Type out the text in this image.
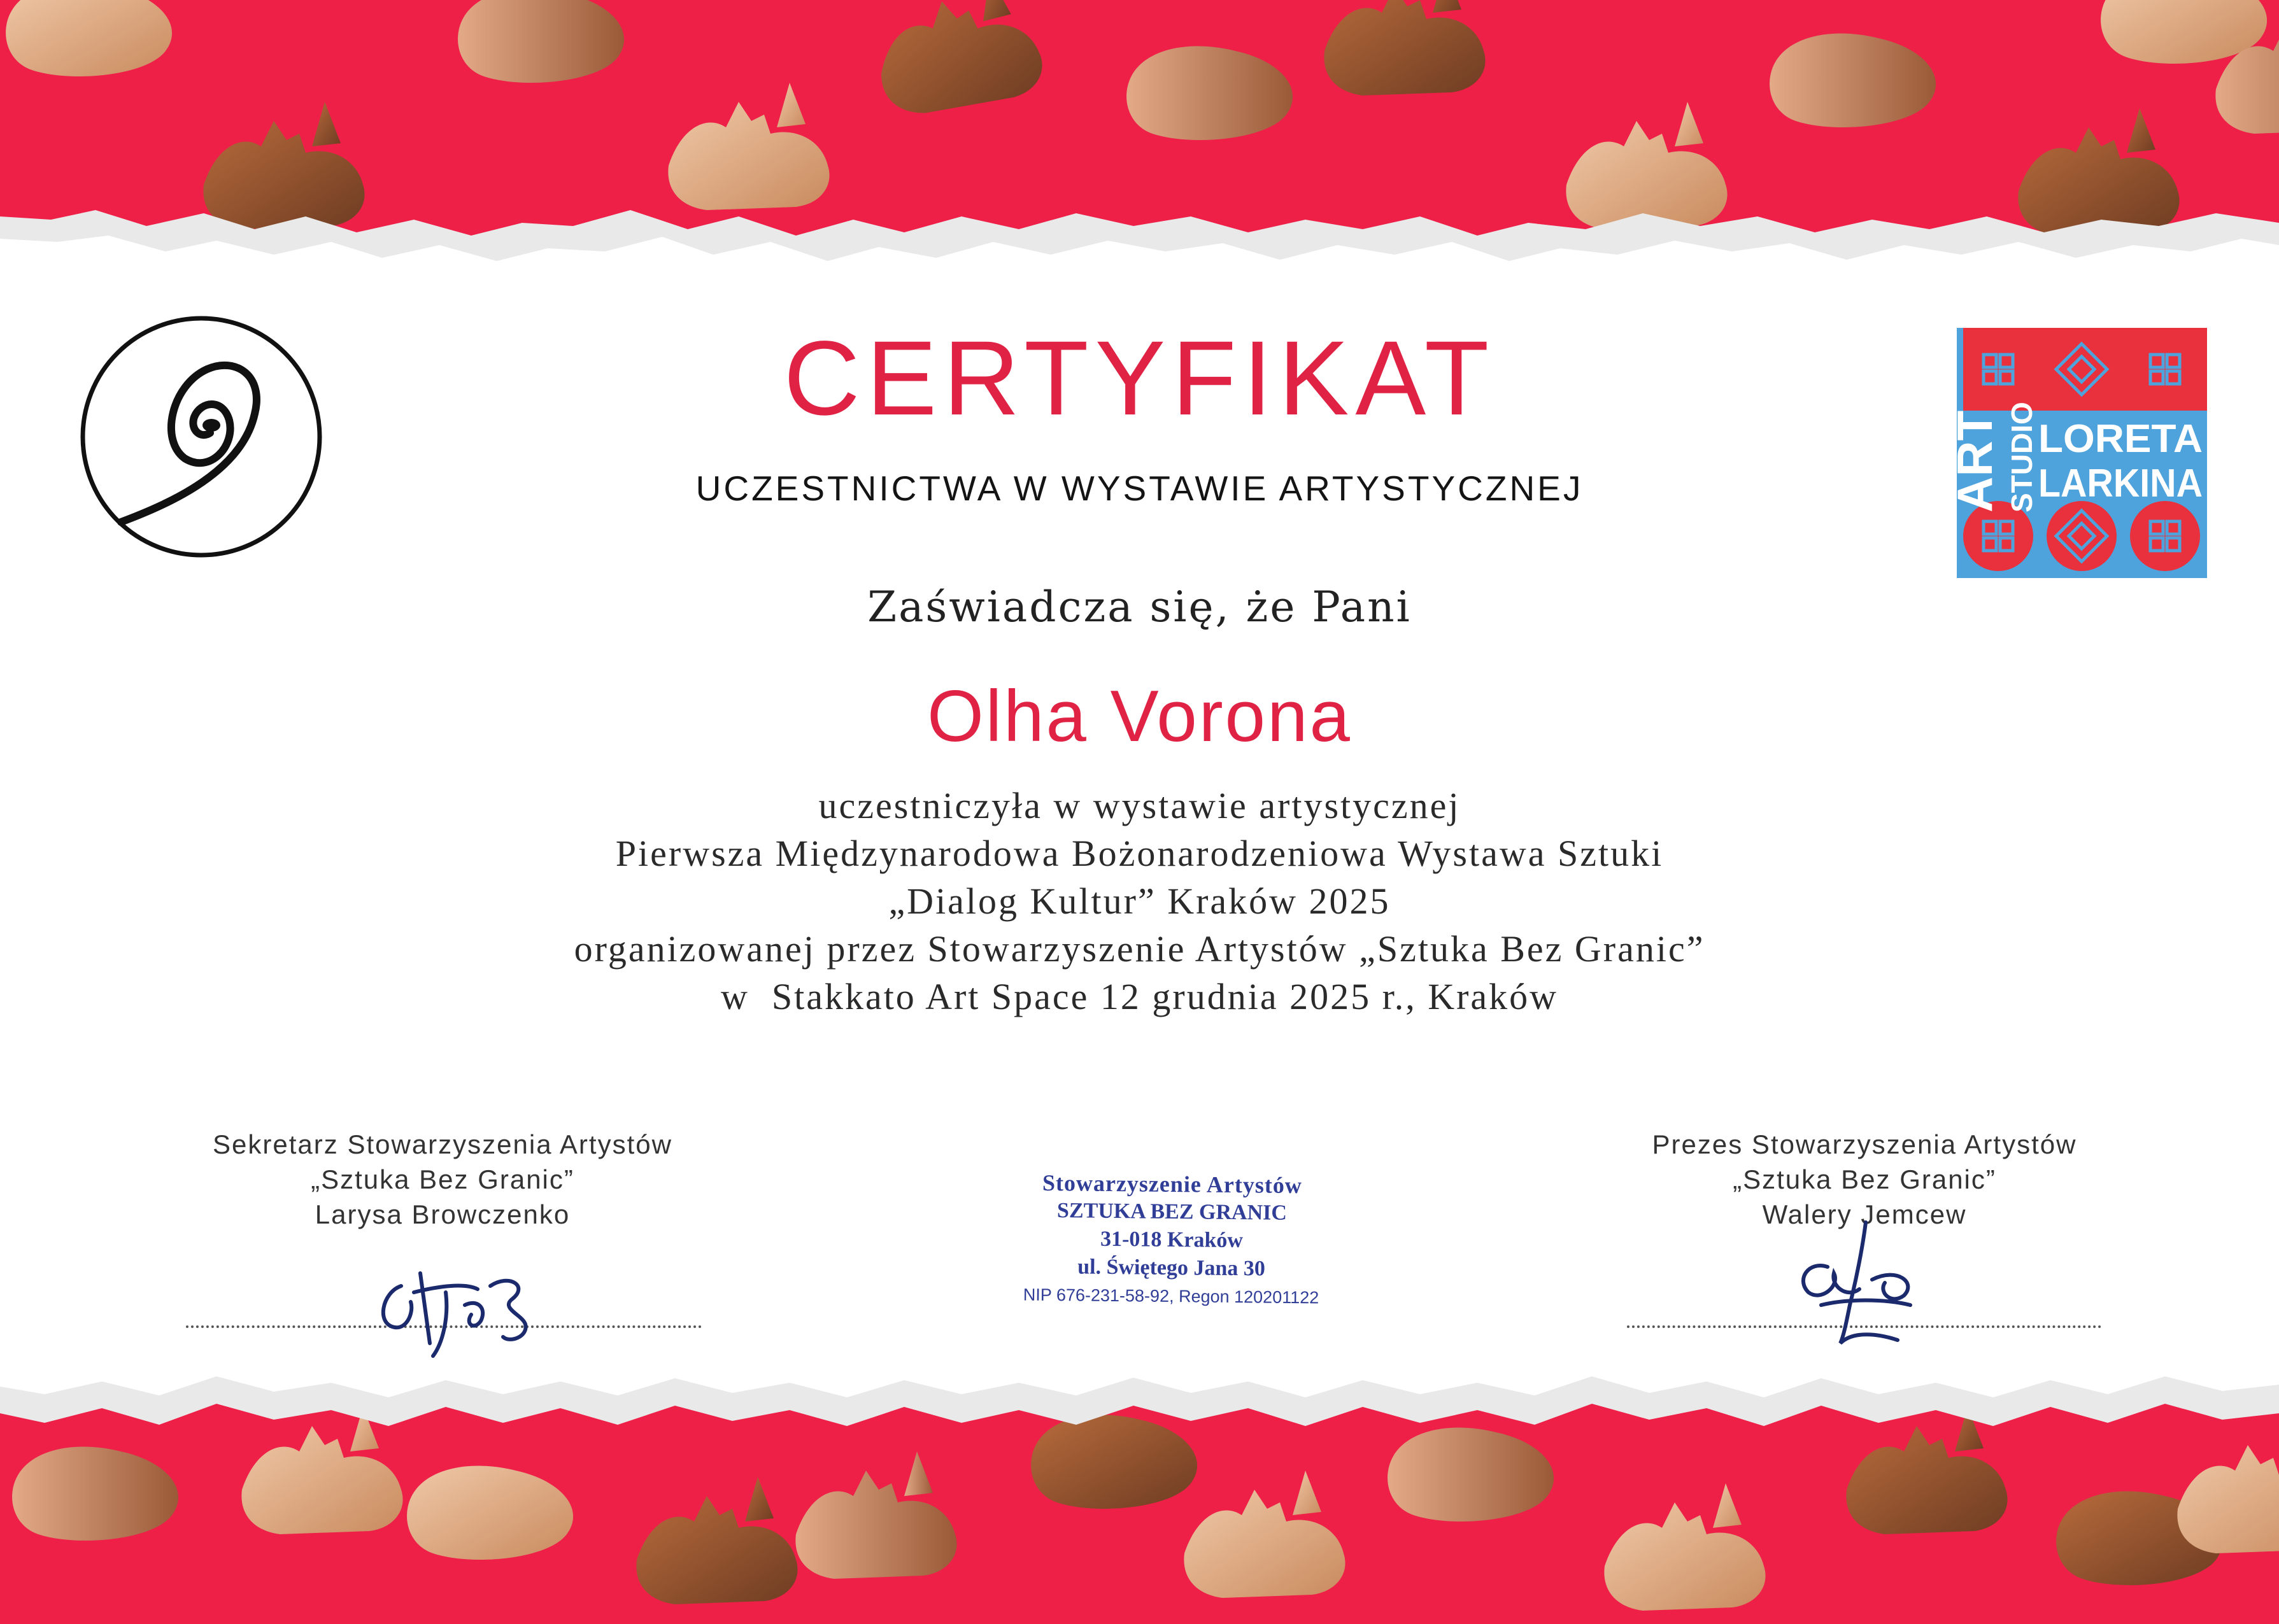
ART STUDIO LORETA
LARKINA
CERTYFIKAT
UCZESTNICTWA W WYSTAWIE ARTYSTYCZNEJ
Zaświadcza się, że Pani
Olha Vorona
uczestniczyła w wystawie artystycznej
Pierwsza Międzynarodowa Bożonarodzeniowa Wystawa Sztuki
„Dialog Kultur” Kraków 2025
organizowanej przez Stowarzyszenie Artystów „Sztuka Bez Granic”
w  Stakkato Art Space 12 grudnia 2025 r., Kraków
Sekretarz Stowarzyszenia Artystów
„Sztuka Bez Granic”
Larysa Browczenko
Stowarzyszenie Artystów
SZTUKA BEZ GRANIC
31-018 Kraków
ul. Świętego Jana 30
NIP 676-231-58-92, Regon 120201122
Prezes Stowarzyszenia Artystów
„Sztuka Bez Granic”
Walery Jemcew
